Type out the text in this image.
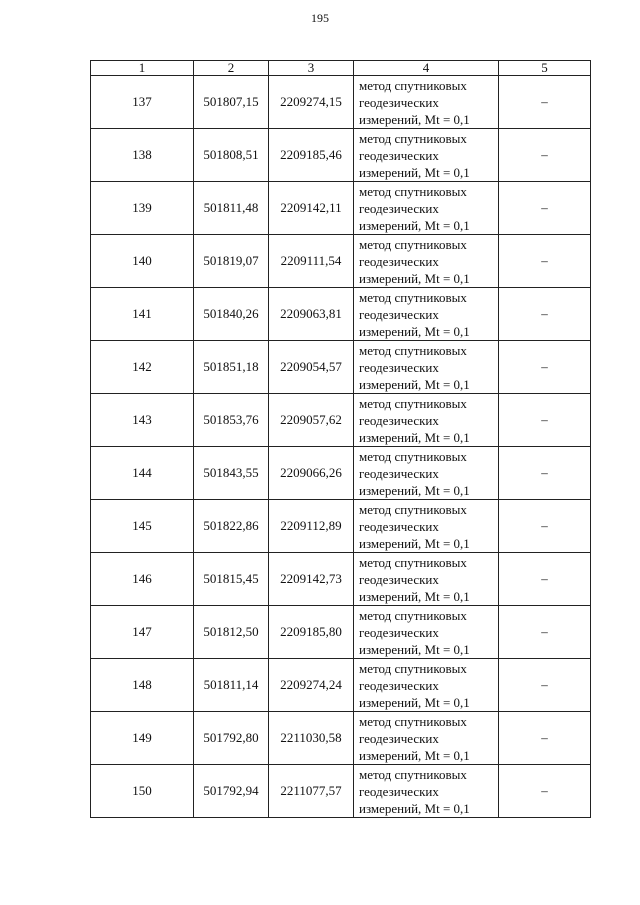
195
1	2	3	4	5
137	501807,15	2209274,15	метод спутниковых
геодезических
измерений, Mt = 0,1	–
138	501808,51	2209185,46	метод спутниковых
геодезических
измерений, Mt = 0,1	–
139	501811,48	2209142,11	метод спутниковых
геодезических
измерений, Mt = 0,1	–
140	501819,07	2209111,54	метод спутниковых
геодезических
измерений, Mt = 0,1	–
141	501840,26	2209063,81	метод спутниковых
геодезических
измерений, Mt = 0,1	–
142	501851,18	2209054,57	метод спутниковых
геодезических
измерений, Mt = 0,1	–
143	501853,76	2209057,62	метод спутниковых
геодезических
измерений, Mt = 0,1	–
144	501843,55	2209066,26	метод спутниковых
геодезических
измерений, Mt = 0,1	–
145	501822,86	2209112,89	метод спутниковых
геодезических
измерений, Mt = 0,1	–
146	501815,45	2209142,73	метод спутниковых
геодезических
измерений, Mt = 0,1	–
147	501812,50	2209185,80	метод спутниковых
геодезических
измерений, Mt = 0,1	–
148	501811,14	2209274,24	метод спутниковых
геодезических
измерений, Mt = 0,1	–
149	501792,80	2211030,58	метод спутниковых
геодезических
измерений, Mt = 0,1	–
150	501792,94	2211077,57	метод спутниковых
геодезических
измерений, Mt = 0,1	–
